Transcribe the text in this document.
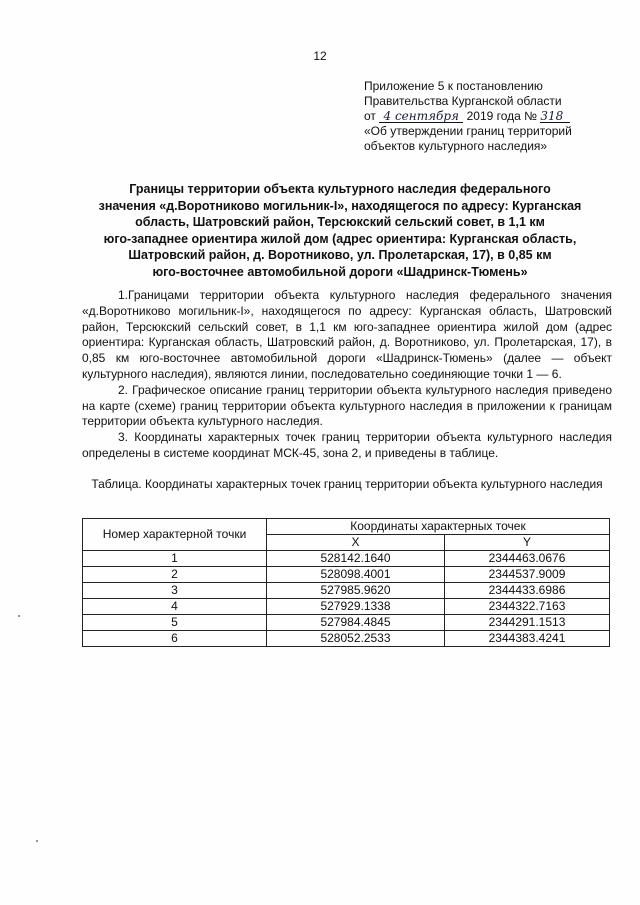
12
Приложение 5 к постановлению
Правительства Курганской области
от 4 сентября 2019 года № 318
«Об утверждении границ территорий
объектов культурного наследия»
Границы территории объекта культурного наследия федерального
значения «д.Воротниково могильник-I», находящегося по адресу: Курганская
область, Шатровский район, Терсюкский сельский совет, в 1,1 км
юго-западнее ориентира жилой дом (адрес ориентира: Курганская область,
Шатровский район, д. Воротниково, ул. Пролетарская, 17), в 0,85 км
юго-восточнее автомобильной дороги «Шадринск-Тюмень»

1.Границами территории объекта культурного наследия федерального значения «д.Воротниково могильник-I», находящегося по адресу: Курганская область, Шатровский район, Терсюкский сельский совет, в 1,1 км юго-западнее ориентира жилой дом (адрес ориентира: Курганская область, Шатровский район, д. Воротниково, ул. Пролетарская, 17), в 0,85 км юго-восточнее автомобильной дороги «Шадринск-Тюмень» (далее — объект культурного наследия), являются линии, последовательно соединяющие точки 1 — 6.

2. Графическое описание границ территории объекта культурного наследия приведено на карте (схеме) границ территории объекта культурного наследия в приложении к границам территории объекта культурного наследия.

3. Координаты характерных точек границ территории объекта культурного наследия определены в системе координат МСК-45, зона 2, и приведены в таблице.

Таблица. Координаты характерных точек границ территории объекта культурного наследия
Номер характерной точки	Координаты характерных точек	
	X	Y
1	528142.1640	2344463.0676
2	528098.4001	2344537.9009
3	527985.9620	2344433.6986
4	527929.1338	2344322.7163
5	527984.4845	2344291.1513
6	528052.2533	2344383.4241
